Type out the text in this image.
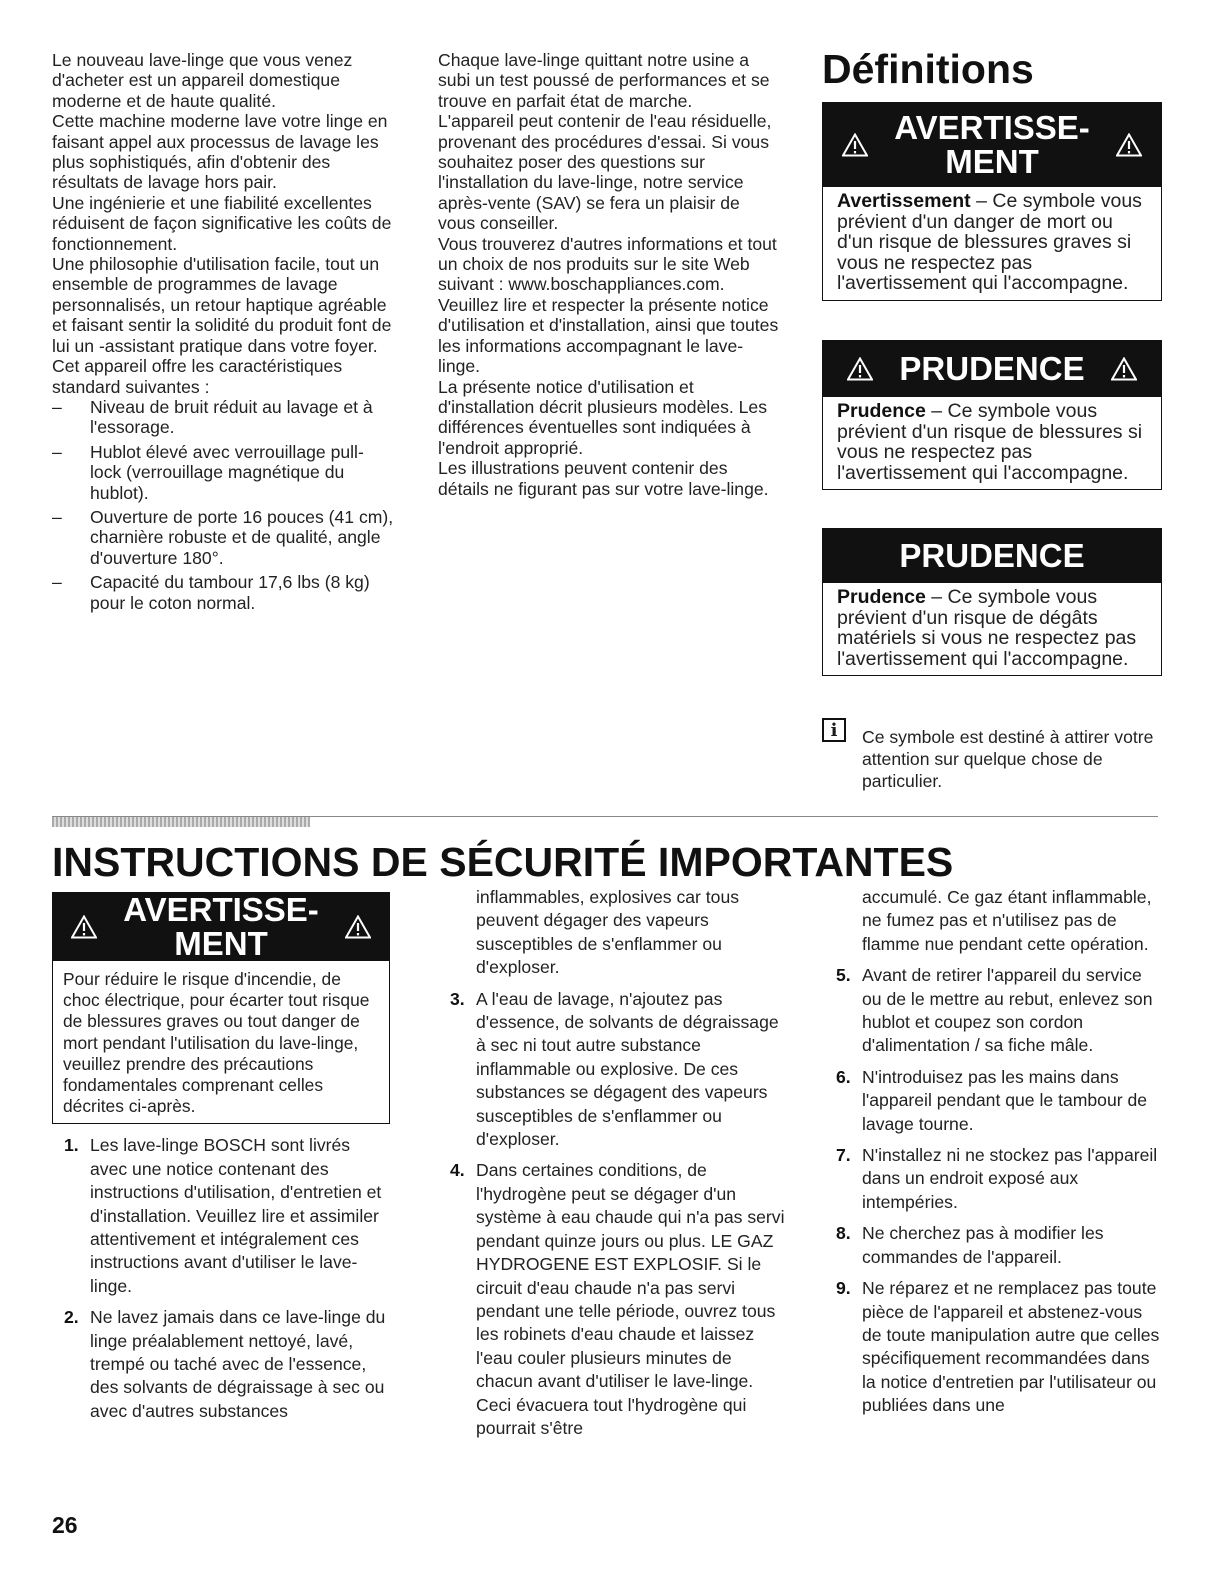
Le nouveau lave-linge que vous venez d'acheter est un appareil domestique moderne et de haute qualité.

Cette machine moderne lave votre linge en faisant appel aux processus de lavage les plus sophistiqués, afin d'obtenir des résultats de lavage hors pair.

Une ingénierie et une fiabilité excellentes réduisent de façon significative les coûts de fonctionnement.

Une philosophie d'utilisation facile, tout un ensemble de programmes de lavage personnalisés, un retour haptique agréable et faisant sentir la solidité du produit font de lui un -assistant pratique dans votre foyer.

Cet appareil offre les caractéristiques standard suivantes :

– Niveau de bruit réduit au lavage et à l'essorage.
– Hublot élevé avec verrouillage pull-lock (verrouillage magnétique du hublot).
– Ouverture de porte 16 pouces (41 cm), charnière robuste et de qualité, angle d'ouverture 180°.
– Capacité du tambour 17,6 lbs (8 kg) pour le coton normal.

Chaque lave-linge quittant notre usine a subi un test poussé de performances et se trouve en parfait état de marche.

L'appareil peut contenir de l'eau résiduelle, provenant des procédures d'essai. Si vous souhaitez poser des questions sur l'installation du lave-linge, notre service après-vente (SAV) se fera un plaisir de vous conseiller.

Vous trouverez d'autres informations et tout un choix de nos produits sur le site Web suivant : www.boschappliances.com.

Veuillez lire et respecter la présente notice d'utilisation et d'installation, ainsi que toutes les informations accompagnant le lave-linge.

La présente notice d'utilisation et d'installation décrit plusieurs modèles. Les différences éventuelles sont indiquées à l'endroit approprié.

Les illustrations peuvent contenir des détails ne figurant pas sur votre lave-linge.

Définitions
AVERTISSE-
MENT
Avertissement – Ce symbole vous prévient d'un danger de mort ou d'un risque de blessures graves si vous ne respectez pas l'avertissement qui l'accompagne.
PRUDENCE
Prudence – Ce symbole vous prévient d'un risque de blessures si vous ne respectez pas l'avertissement qui l'accompagne.
PRUDENCE
Prudence – Ce symbole vous prévient d'un risque de dégâts matériels si vous ne respectez pas l'avertissement qui l'accompagne.
i	Ce symbole est destiné à attirer votre attention sur quelque chose de particulier.
INSTRUCTIONS DE SÉCURITÉ IMPORTANTES
AVERTISSE-
MENT
Pour réduire le risque d'incendie, de choc électrique, pour écarter tout risque de blessures graves ou tout danger de mort pendant l'utilisation du lave-linge, veuillez prendre des précautions fondamentales comprenant celles décrites ci-après.
1. Les lave-linge BOSCH sont livrés avec une notice contenant des instructions d'utilisation, d'entretien et d'installation. Veuillez lire et assimiler attentivement et intégralement ces instructions avant d'utiliser le lave-linge.
2. Ne lavez jamais dans ce lave-linge du linge préalablement nettoyé, lavé, trempé ou taché avec de l'essence, des solvants de dégraissage à sec ou avec d'autres substances

inflammables, explosives car tous peuvent dégager des vapeurs susceptibles de s'enflammer ou d'exploser.

3. A l'eau de lavage, n'ajoutez pas d'essence, de solvants de dégraissage à sec ni tout autre substance inflammable ou explosive. De ces substances se dégagent des vapeurs susceptibles de s'enflammer ou d'exploser.
4. Dans certaines conditions, de l'hydrogène peut se dégager d'un système à eau chaude qui n'a pas servi pendant quinze jours ou plus. LE GAZ HYDROGENE EST EXPLOSIF. Si le circuit d'eau chaude n'a pas servi pendant une telle période, ouvrez tous les robinets d'eau chaude et laissez l'eau couler plusieurs minutes de chacun avant d'utiliser le lave-linge. Ceci évacuera tout l'hydrogène qui pourrait s'être

accumulé. Ce gaz étant inflammable, ne fumez pas et n'utilisez pas de flamme nue pendant cette opération.

5. Avant de retirer l'appareil du service ou de le mettre au rebut, enlevez son hublot et coupez son cordon d'alimentation / sa fiche mâle.
6. N'introduisez pas les mains dans l'appareil pendant que le tambour de lavage tourne.
7. N'installez ni ne stockez pas l'appareil dans un endroit exposé aux intempéries.
8. Ne cherchez pas à modifier les commandes de l'appareil.
9. Ne réparez et ne remplacez pas toute pièce de l'appareil et abstenez-vous de toute manipulation autre que celles spécifiquement recommandées dans la notice d'entretien par l'utilisateur ou publiées dans une
26
